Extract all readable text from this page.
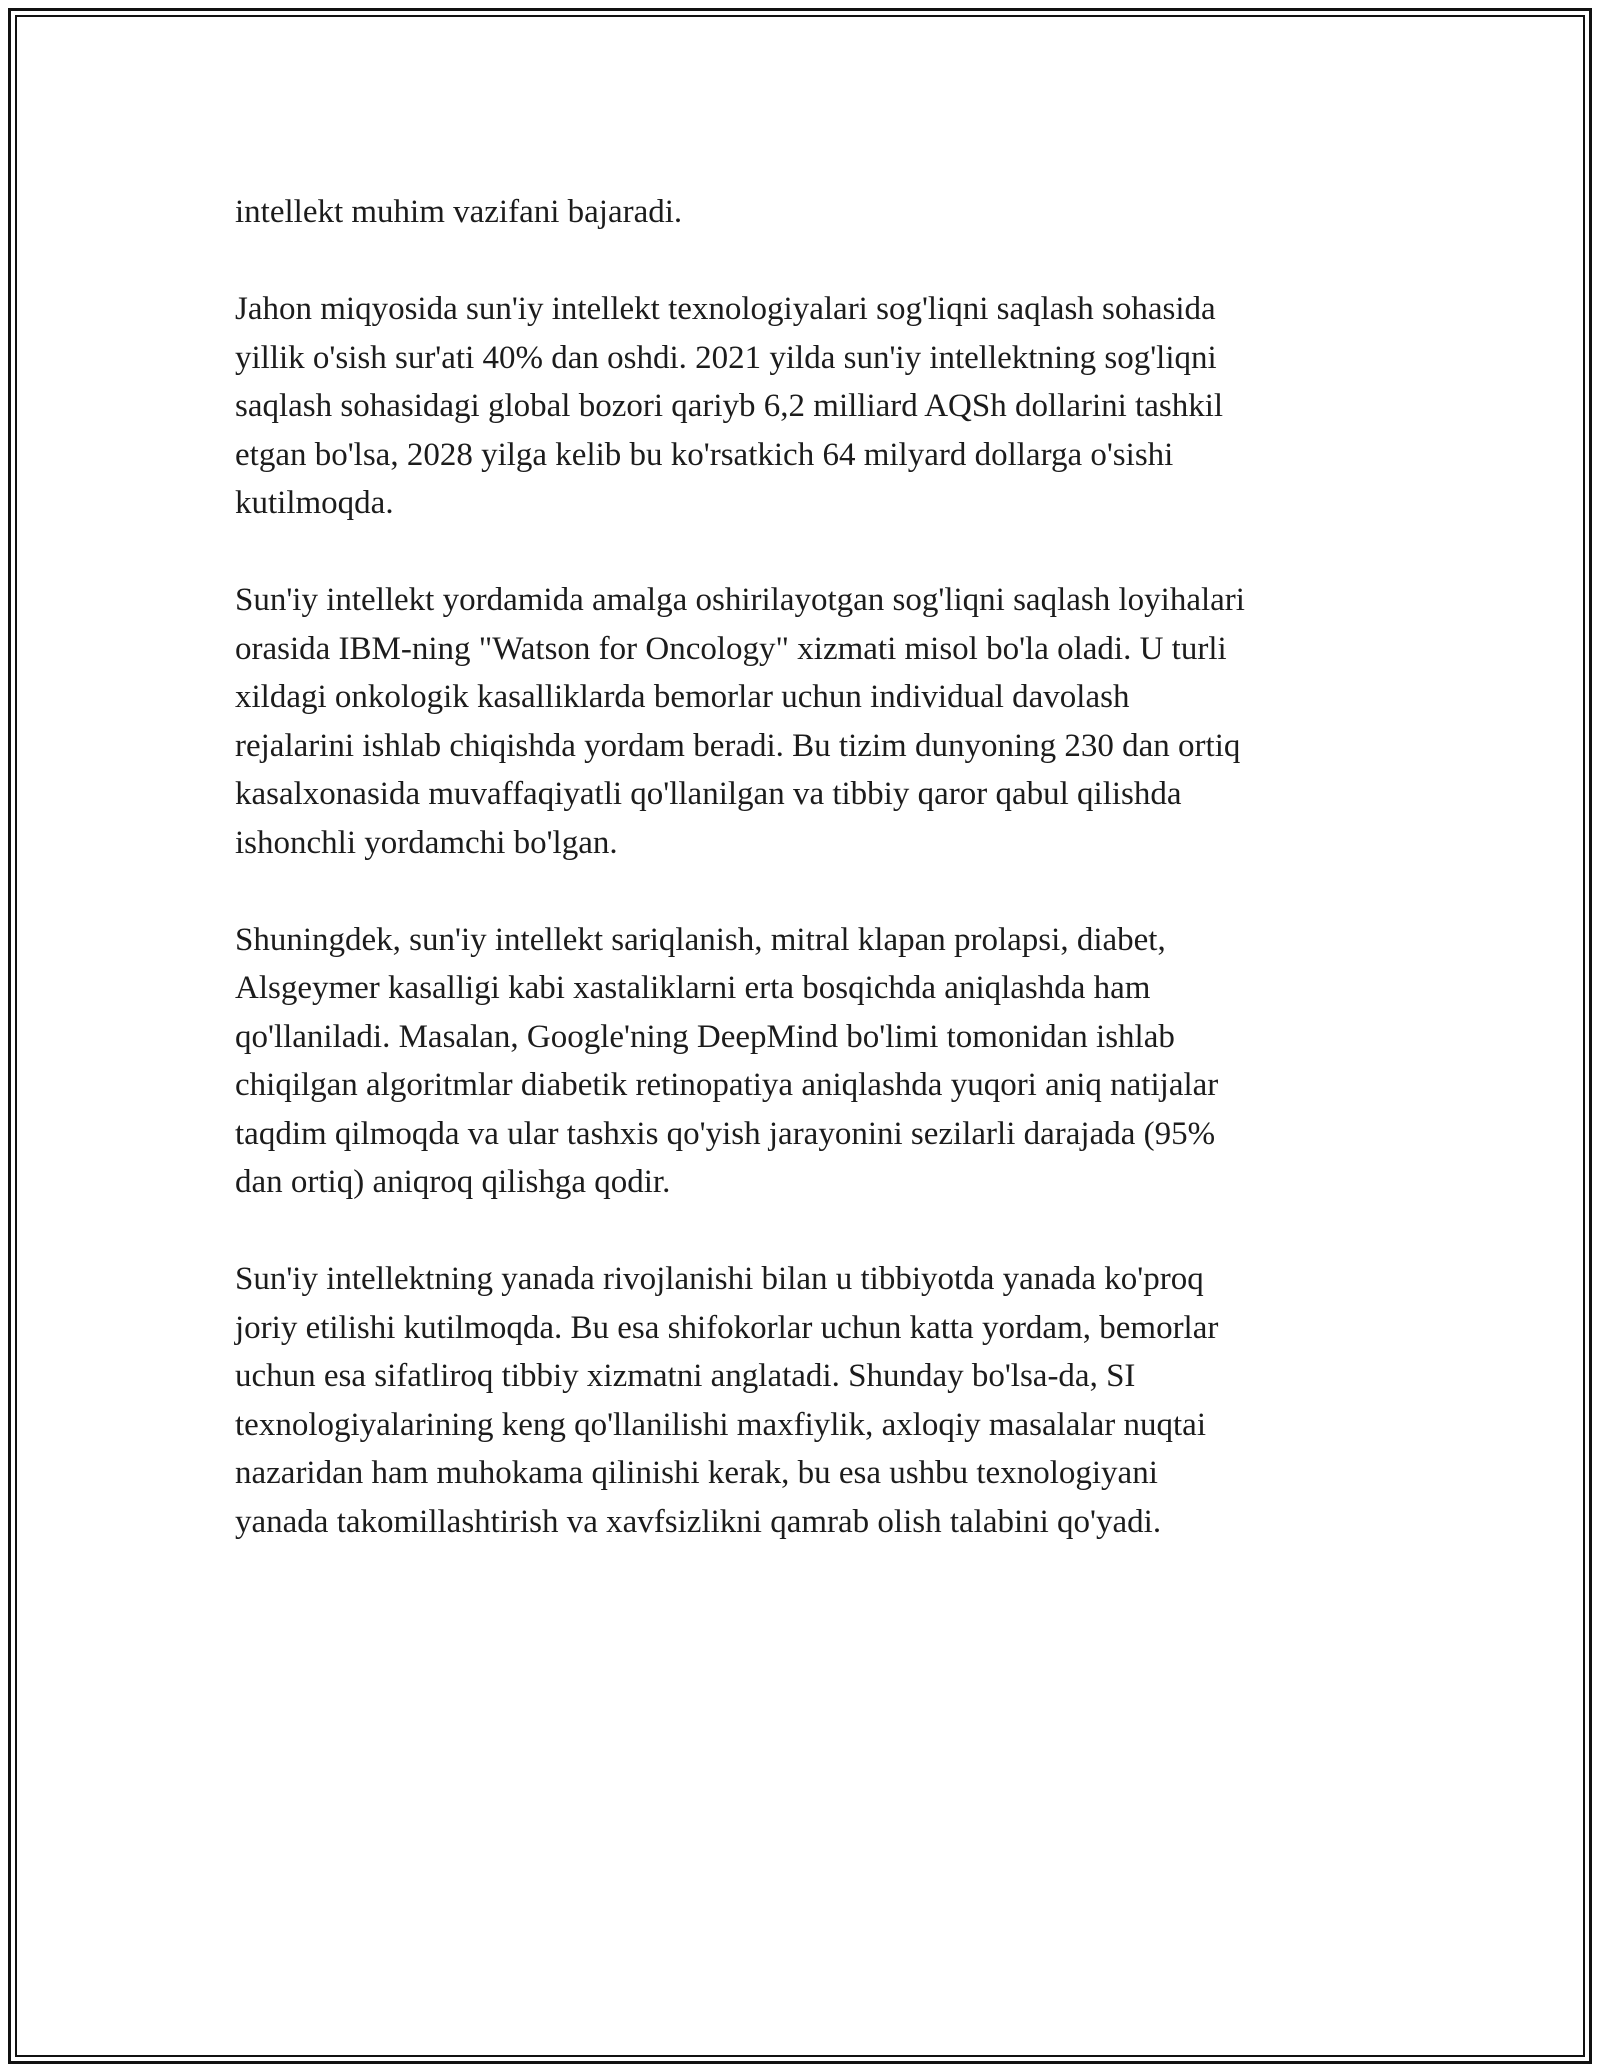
intellekt muhim vazifani bajaradi.

Jahon miqyosida sun'iy intellekt texnologiyalari sog'liqni saqlash sohasida
yillik o'sish sur'ati 40% dan oshdi. 2021 yilda sun'iy intellektning sog'liqni
saqlash sohasidagi global bozori qariyb 6,2 milliard AQSh dollarini tashkil
etgan bo'lsa, 2028 yilga kelib bu ko'rsatkich 64 milyard dollarga o'sishi
kutilmoqda.

Sun'iy intellekt yordamida amalga oshirilayotgan sog'liqni saqlash loyihalari
orasida IBM-ning "Watson for Oncology" xizmati misol bo'la oladi. U turli
xildagi onkologik kasalliklarda bemorlar uchun individual davolash
rejalarini ishlab chiqishda yordam beradi. Bu tizim dunyoning 230 dan ortiq
kasalxonasida muvaffaqiyatli qo'llanilgan va tibbiy qaror qabul qilishda
ishonchli yordamchi bo'lgan.

Shuningdek, sun'iy intellekt sariqlanish, mitral klapan prolapsi, diabet,
Alsgeymer kasalligi kabi xastaliklarni erta bosqichda aniqlashda ham
qo'llaniladi. Masalan, Google'ning DeepMind bo'limi tomonidan ishlab
chiqilgan algoritmlar diabetik retinopatiya aniqlashda yuqori aniq natijalar
taqdim qilmoqda va ular tashxis qo'yish jarayonini sezilarli darajada (95%
dan ortiq) aniqroq qilishga qodir.

Sun'iy intellektning yanada rivojlanishi bilan u tibbiyotda yanada ko'proq
joriy etilishi kutilmoqda. Bu esa shifokorlar uchun katta yordam, bemorlar
uchun esa sifatliroq tibbiy xizmatni anglatadi. Shunday bo'lsa-da, SI
texnologiyalarining keng qo'llanilishi maxfiylik, axloqiy masalalar nuqtai
nazaridan ham muhokama qilinishi kerak, bu esa ushbu texnologiyani
yanada takomillashtirish va xavfsizlikni qamrab olish talabini qo'yadi.
